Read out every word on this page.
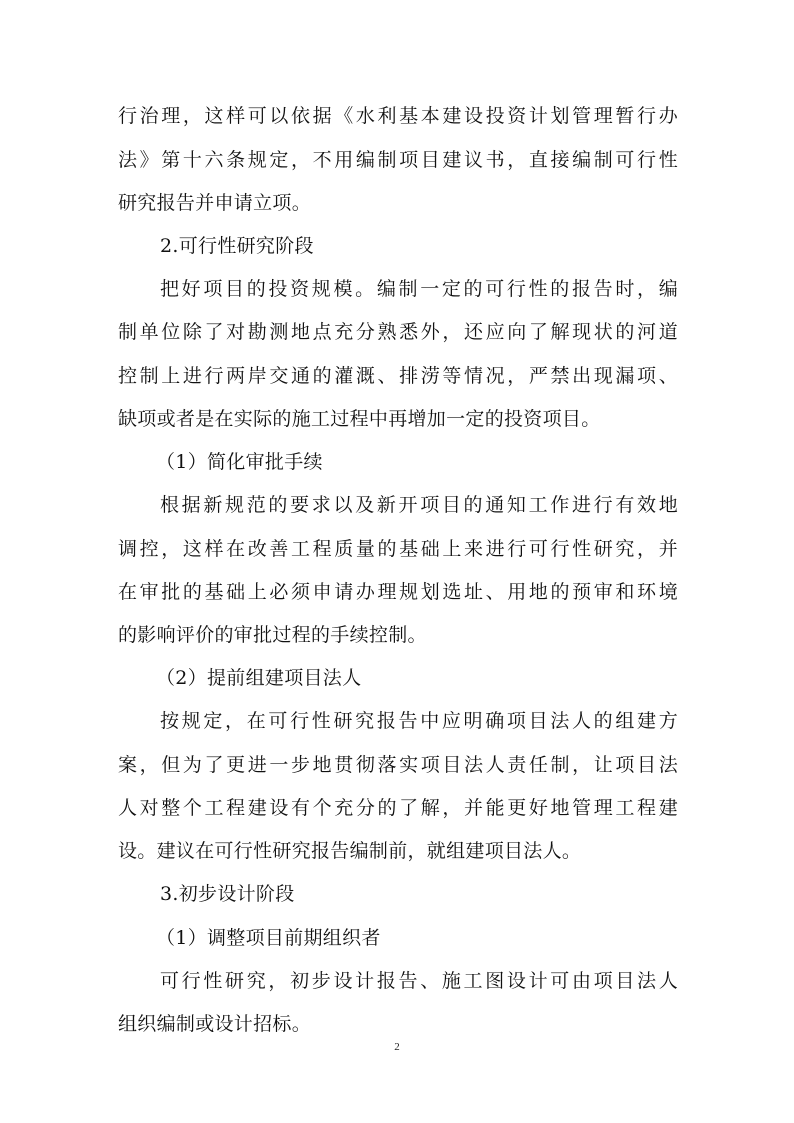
行治理，这样可以依据《水利基本建设投资计划管理暂行办
法》第十六条规定，不用编制项目建议书，直接编制可行性
研究报告并申请立项。
2.可行性研究阶段
把好项目的投资规模。编制一定的可行性的报告时，编
制单位除了对勘测地点充分熟悉外，还应向了解现状的河道
控制上进行两岸交通的灌溉、排涝等情况，严禁出现漏项、
缺项或者是在实际的施工过程中再增加一定的投资项目。
（1）简化审批手续
根据新规范的要求以及新开项目的通知工作进行有效地
调控，这样在改善工程质量的基础上来进行可行性研究，并
在审批的基础上必须申请办理规划选址、用地的预审和环境
的影响评价的审批过程的手续控制。
（2）提前组建项目法人
按规定，在可行性研究报告中应明确项目法人的组建方
案，但为了更进一步地贯彻落实项目法人责任制，让项目法
人对整个工程建设有个充分的了解，并能更好地管理工程建
设。建议在可行性研究报告编制前，就组建项目法人。
3.初步设计阶段
（1）调整项目前期组织者
可行性研究，初步设计报告、施工图设计可由项目法人
组织编制或设计招标。
2
